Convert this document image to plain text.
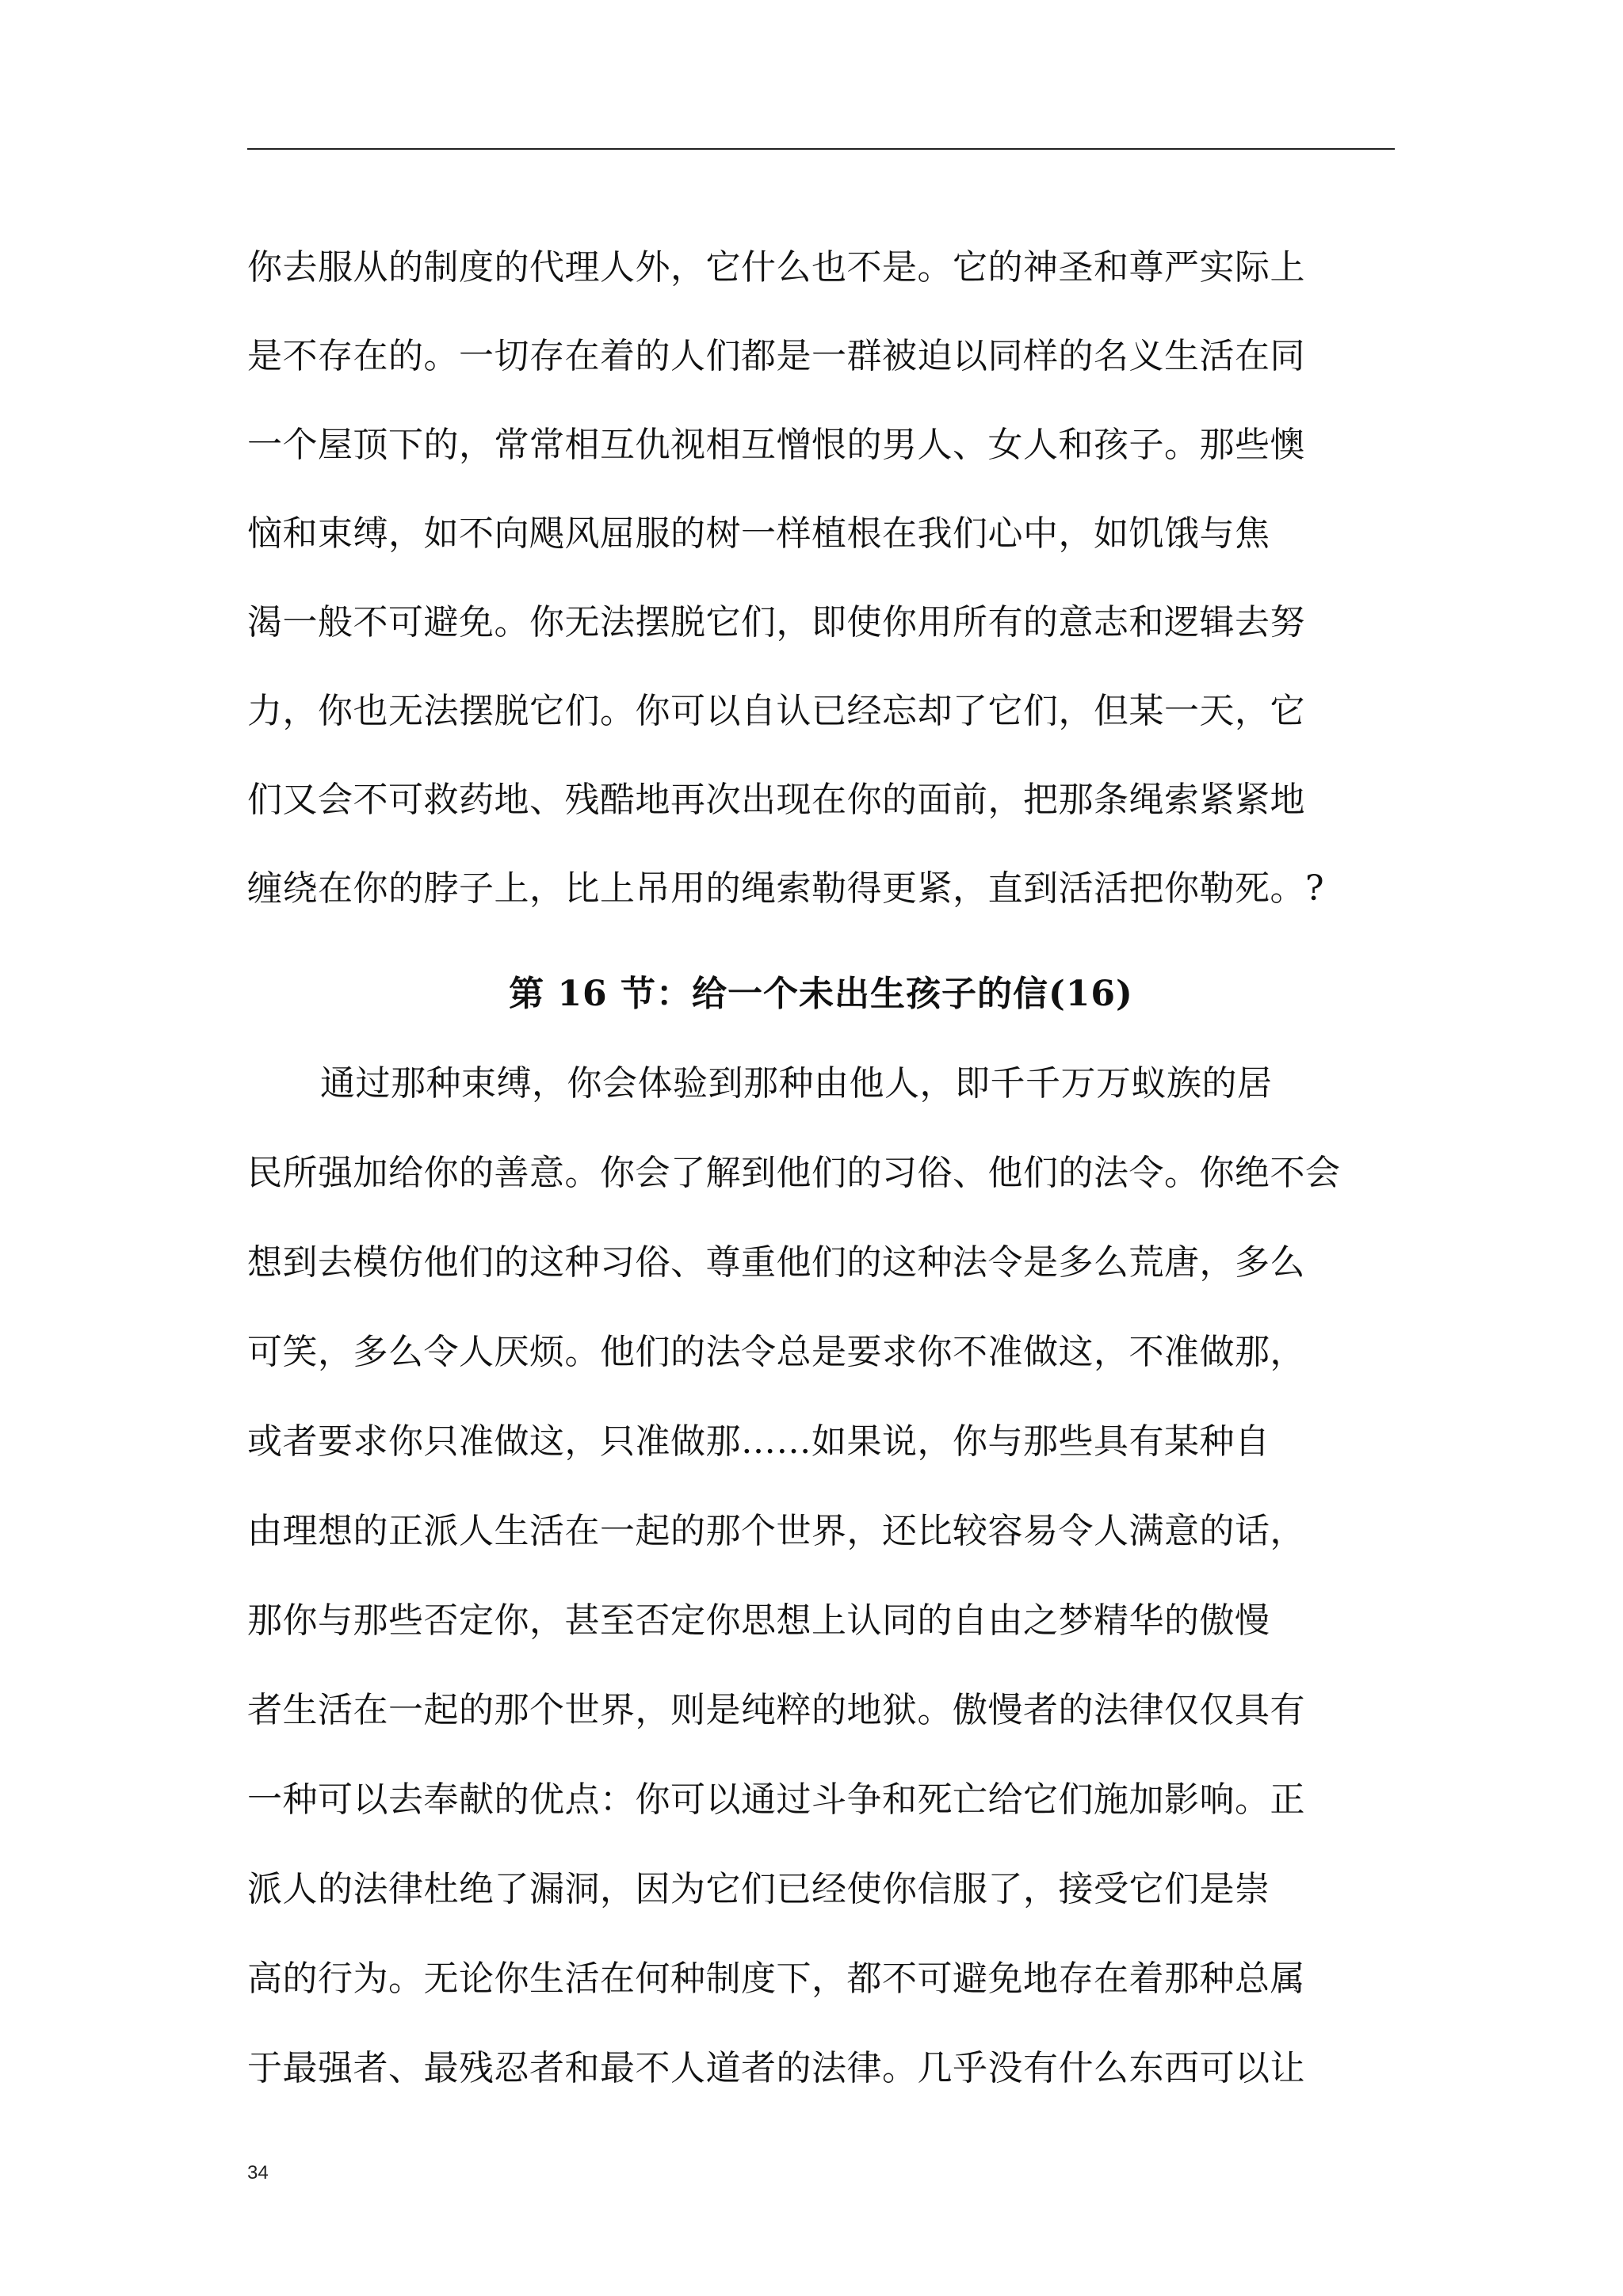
你去服从的制度的代理人外，它什么也不是。它的神圣和尊严实际上
是不存在的。一切存在着的人们都是一群被迫以同样的名义生活在同
一个屋顶下的，常常相互仇视相互憎恨的男人、女人和孩子。那些懊
恼和束缚，如不向飓风屈服的树一样植根在我们心中，如饥饿与焦
渴一般不可避免。你无法摆脱它们，即使你用所有的意志和逻辑去努
力，你也无法摆脱它们。你可以自认已经忘却了它们，但某一天，它
们又会不可救药地、残酷地再次出现在你的面前，把那条绳索紧紧地
缠绕在你的脖子上，比上吊用的绳索勒得更紧，直到活活把你勒死。?
第 16 节：给一个未出生孩子的信(16)
通过那种束缚，你会体验到那种由他人，即千千万万蚁族的居
民所强加给你的善意。你会了解到他们的习俗、他们的法令。你绝不会
想到去模仿他们的这种习俗、尊重他们的这种法令是多么荒唐，多么
可笑，多么令人厌烦。他们的法令总是要求你不准做这，不准做那，
或者要求你只准做这，只准做那……如果说，你与那些具有某种自
由理想的正派人生活在一起的那个世界，还比较容易令人满意的话，
那你与那些否定你，甚至否定你思想上认同的自由之梦精华的傲慢
者生活在一起的那个世界，则是纯粹的地狱。傲慢者的法律仅仅具有
一种可以去奉献的优点：你可以通过斗争和死亡给它们施加影响。正
派人的法律杜绝了漏洞，因为它们已经使你信服了，接受它们是崇
高的行为。无论你生活在何种制度下，都不可避免地存在着那种总属
于最强者、最残忍者和最不人道者的法律。几乎没有什么东西可以让
34
